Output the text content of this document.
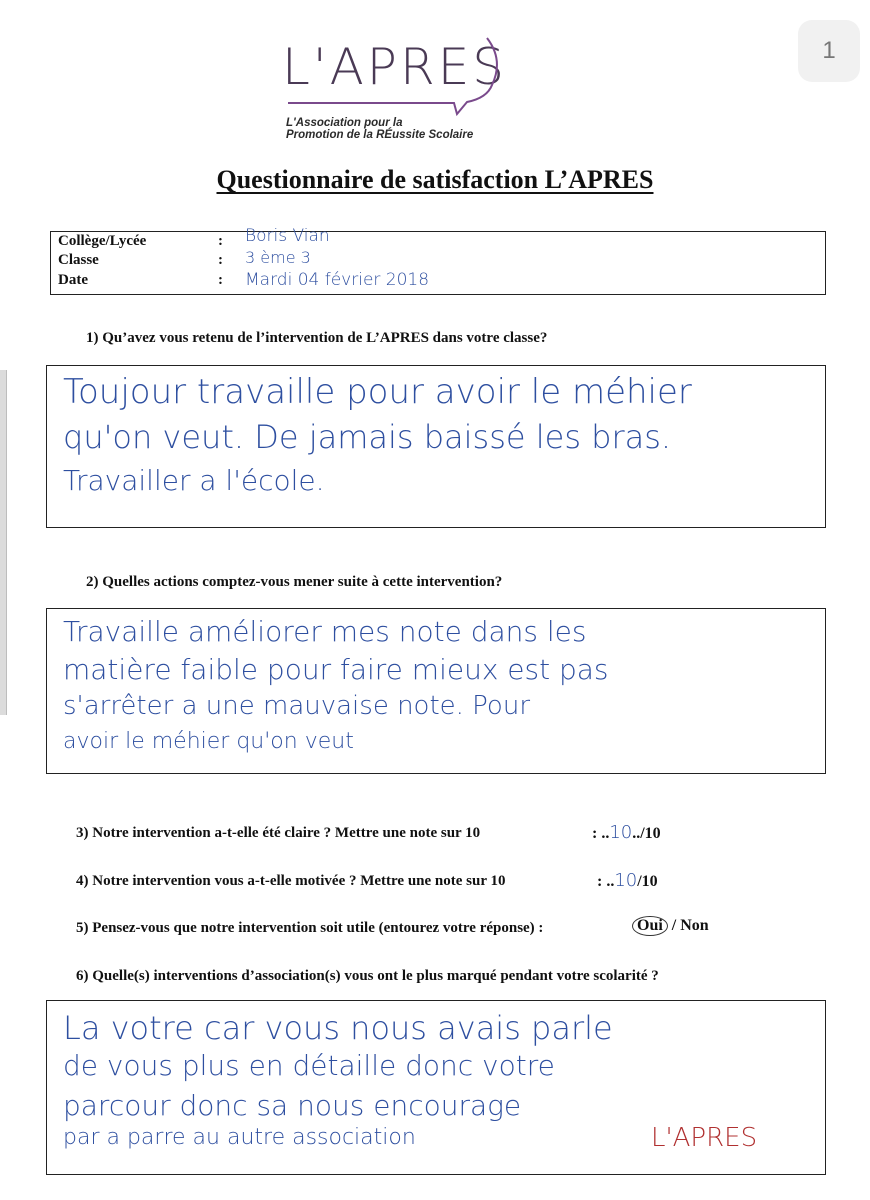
1
L'APRES
L'Association pour la
Promotion de la RÉussite Scolaire
Questionnaire de satisfaction L’APRES
Collège/Lycée	: Boris Vian
Classe	: 3 ème 3
Date	: Mardi 04 février 2018
1) Qu’avez vous retenu de l’intervention de L’APRES dans votre classe?
Toujour travaille pour avoir le méhier
qu'on veut. De jamais baissé les bras.
Travailler a l'école.
2) Quelles actions comptez-vous mener suite à cette intervention?
Travaille améliorer mes note dans les
matière faible pour faire mieux est pas
s'arrêter a une mauvaise note. Pour
avoir le méhier qu'on veut
3) Notre intervention a-t-elle été claire ? Mettre une note sur 10	: ..10../10
4) Notre intervention vous a-t-elle motivée ? Mettre une note sur 10	: ..10/10
5) Pensez-vous que notre intervention soit utile (entourez votre réponse) :	Oui / Non
6) Quelle(s) interventions d’association(s) vous ont le plus marqué pendant votre scolarité ?
La votre car vous nous avais parle
de vous plus en détaille donc votre
parcour donc sa nous encourage
par a parre au autre association	L'APRES
